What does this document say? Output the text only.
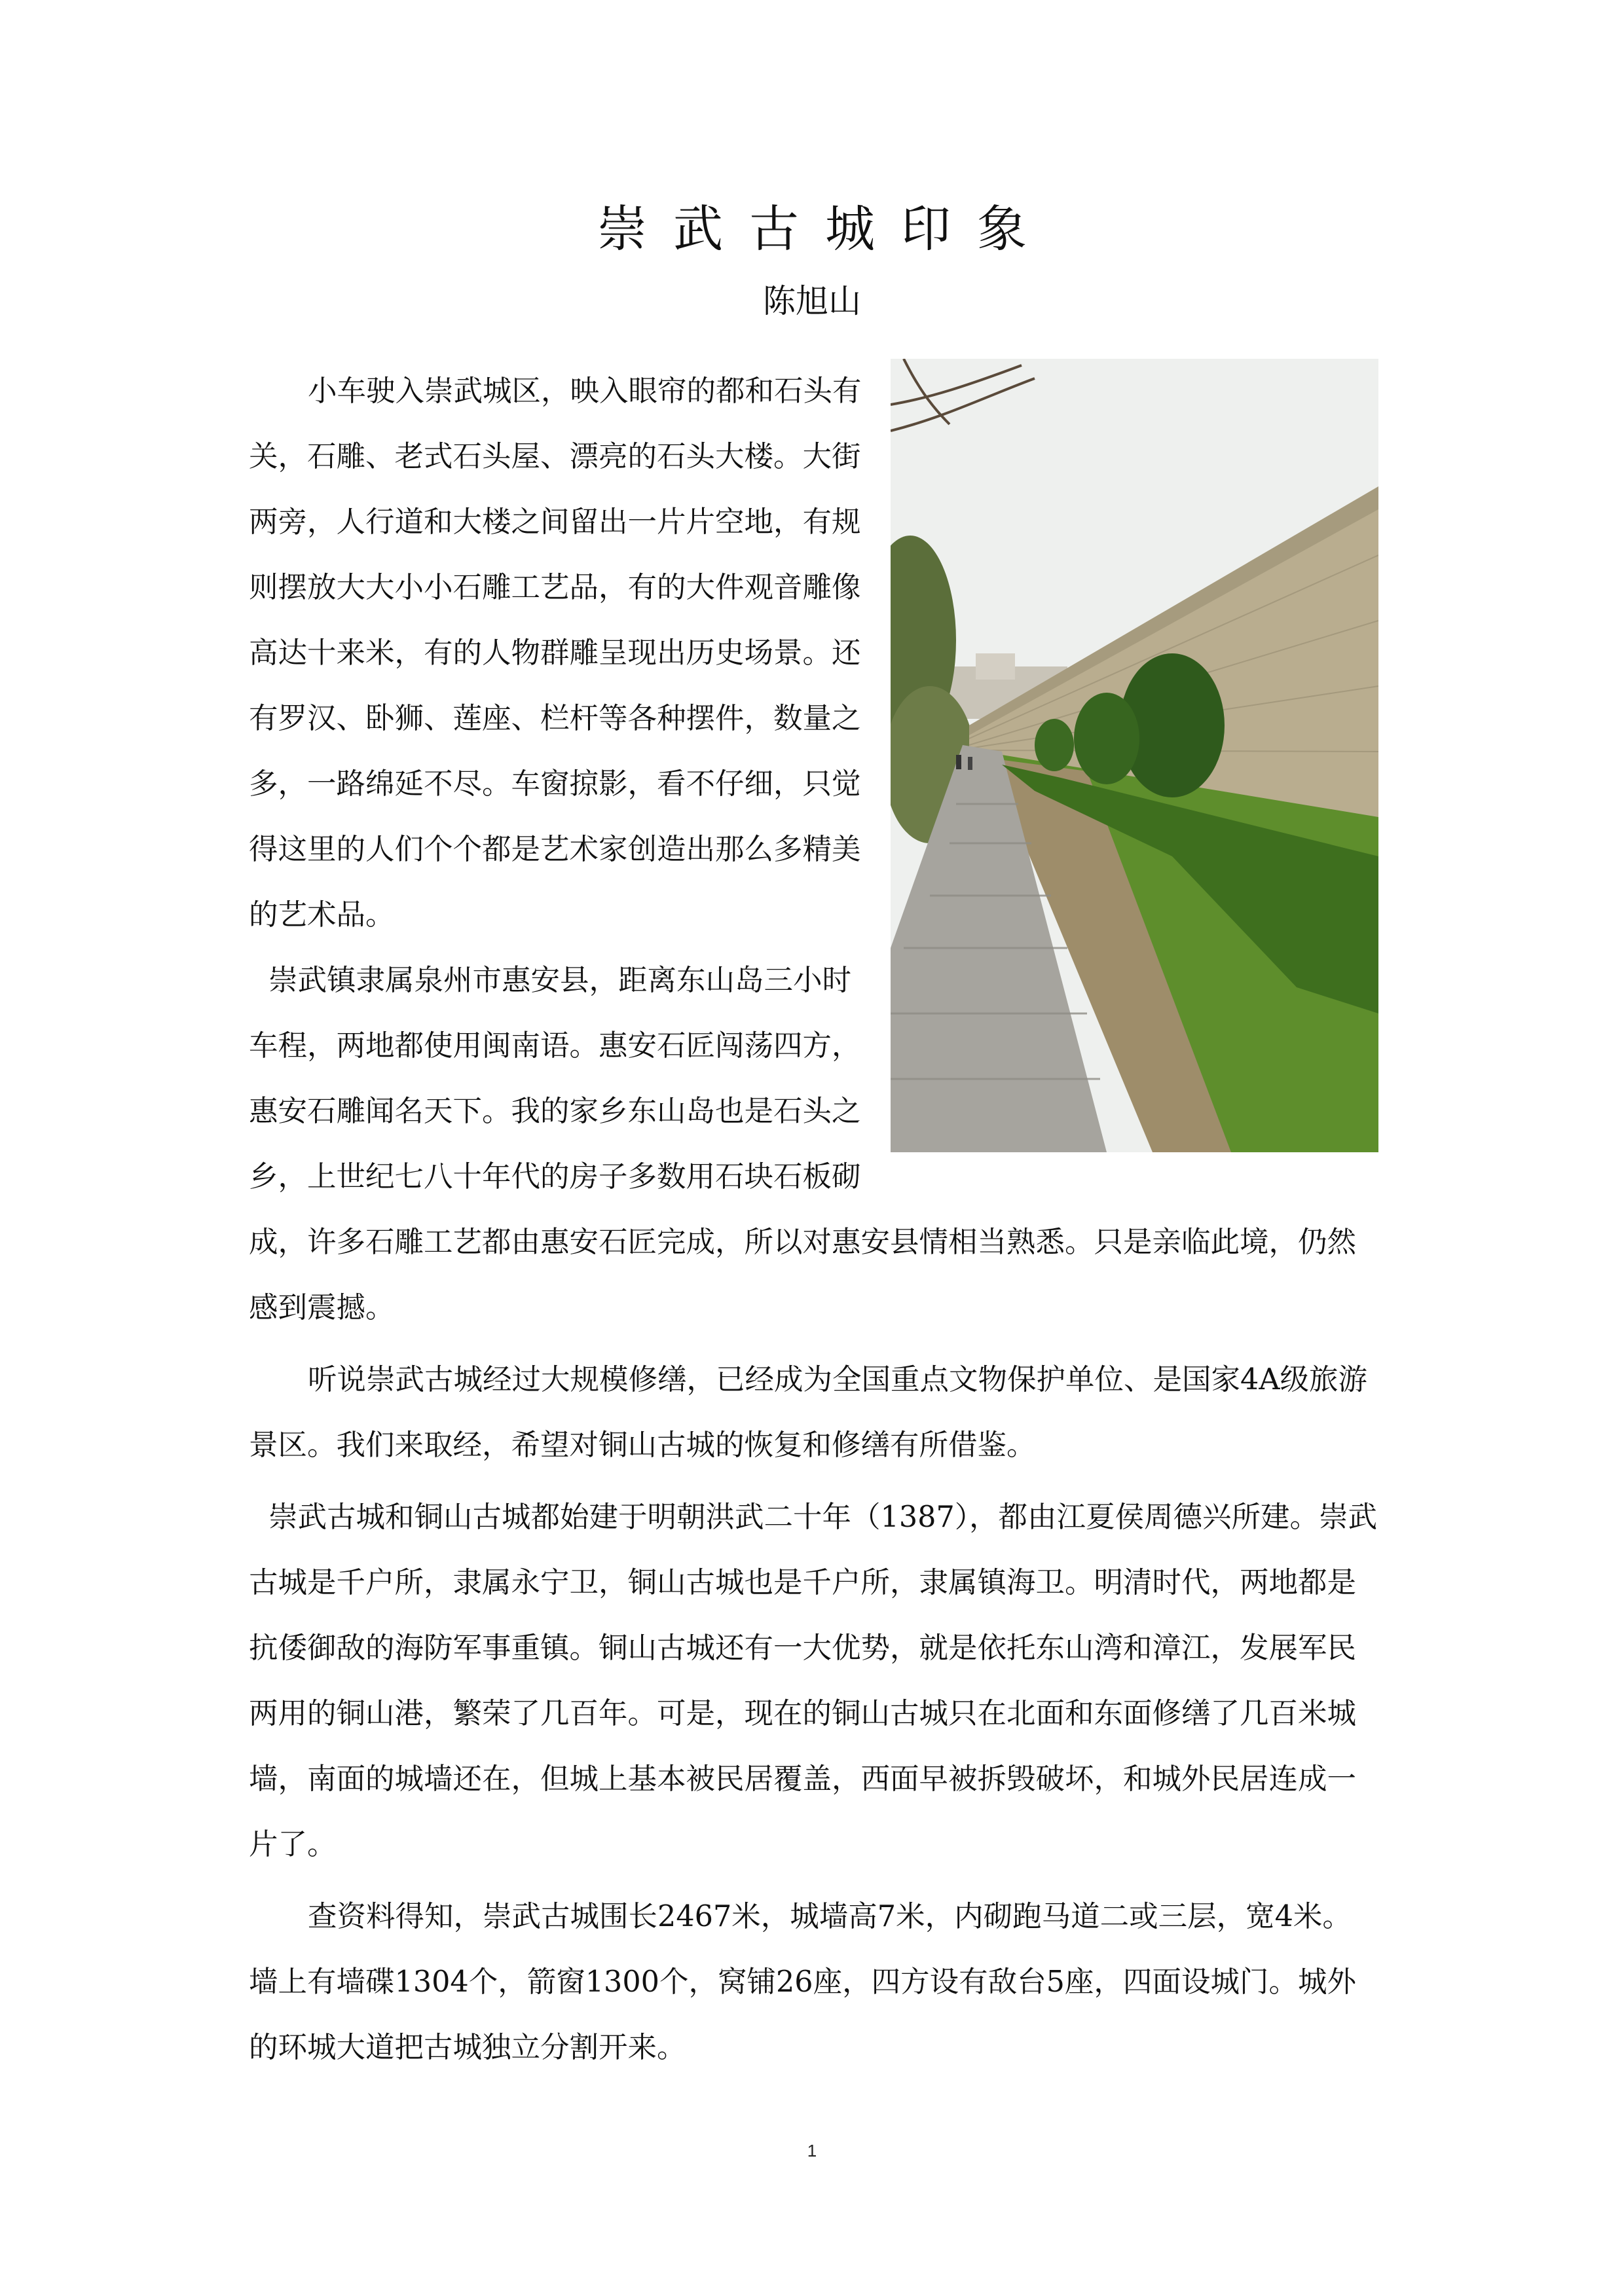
崇武古城印象
陈旭山

小车驶入崇武城区，映入眼帘的都和石头有关，石雕、老式石头屋、漂亮的石头大楼。大街两旁，人行道和大楼之间留出一片片空地，有规则摆放大大小小石雕工艺品，有的大件观音雕像高达十来米，有的人物群雕呈现出历史场景。还有罗汉、卧狮、莲座、栏杆等各种摆件，数量之多，一路绵延不尽。车窗掠影，看不仔细，只觉得这里的人们个个都是艺术家创造出那么多精美的艺术品。

崇武镇隶属泉州市惠安县，距离东山岛三小时车程，两地都使用闽南语。惠安石匠闯荡四方，惠安石雕闻名天下。我的家乡东山岛也是石头之乡，上世纪七八十年代的房子多数用石块石板砌成，许多石雕工艺都由惠安石匠完成，所以对惠安县情相当熟悉。只是亲临此境，仍然感到震撼。

听说崇武古城经过大规模修缮，已经成为全国重点文物保护单位、是国家4A级旅游景区。我们来取经，希望对铜山古城的恢复和修缮有所借鉴。

崇武古城和铜山古城都始建于明朝洪武二十年（1387），都由江夏侯周德兴所建。崇武古城是千户所，隶属永宁卫，铜山古城也是千户所，隶属镇海卫。明清时代，两地都是抗倭御敌的海防军事重镇。铜山古城还有一大优势，就是依托东山湾和漳江，发展军民两用的铜山港，繁荣了几百年。可是，现在的铜山古城只在北面和东面修缮了几百米城墙，南面的城墙还在，但城上基本被民居覆盖，西面早被拆毁破坏，和城外民居连成一片了。

查资料得知，崇武古城围长2467米，城墙高7米，内砌跑马道二或三层，宽4米。墙上有墙碟1304个，箭窗1300个，窝铺26座，四方设有敌台5座，四面设城门。城外的环城大道把古城独立分割开来。

1
